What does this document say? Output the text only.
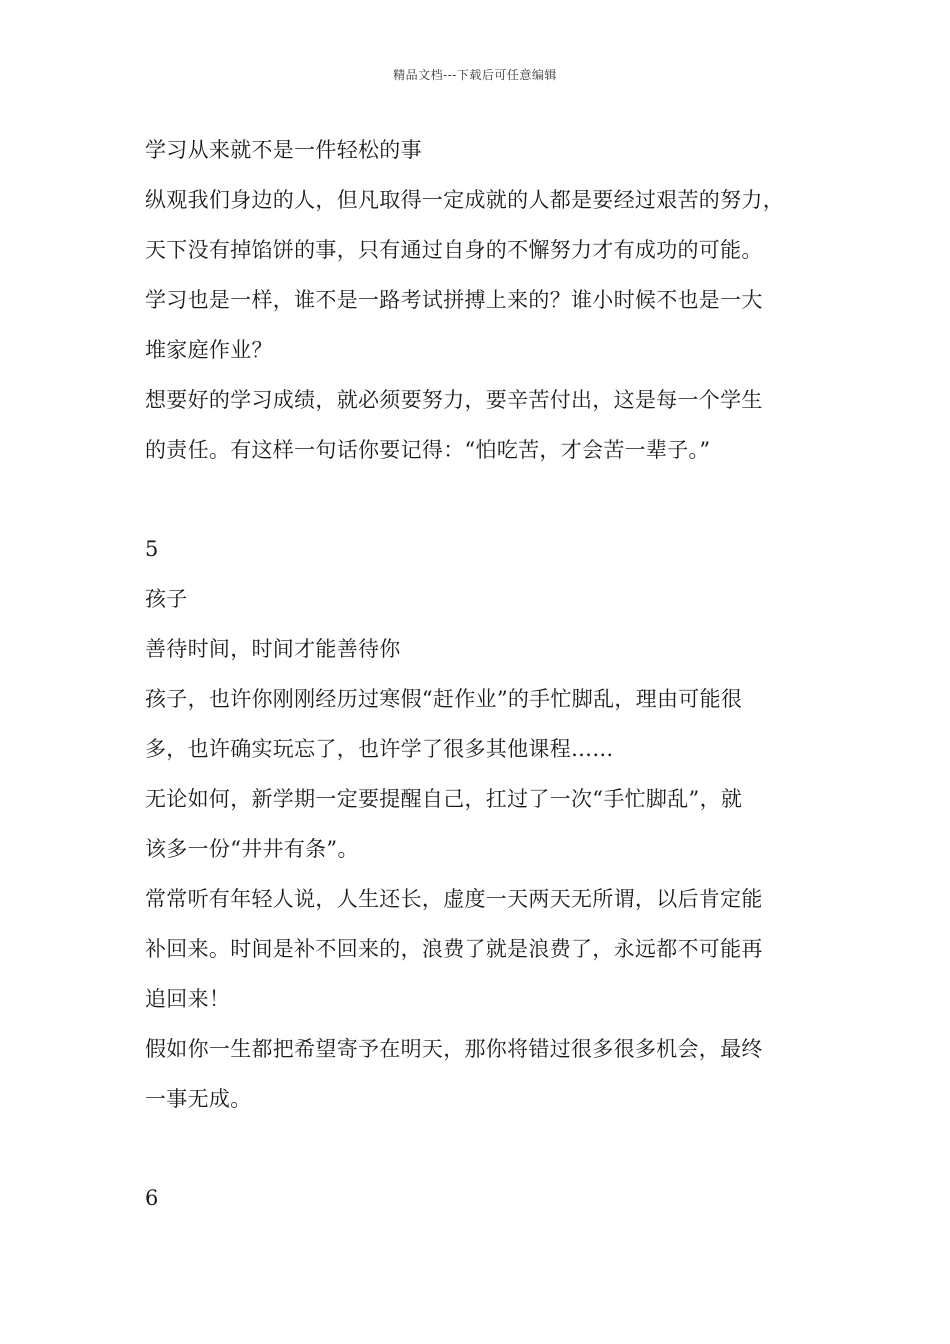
精品文档---下载后可任意编辑
学习从来就不是一件轻松的事
纵观我们身边的人，但凡取得一定成就的人都是要经过艰苦的努力，
天下没有掉馅饼的事，只有通过自身的不懈努力才有成功的可能。
学习也是一样，谁不是一路考试拼搏上来的？谁小时候不也是一大
堆家庭作业？
想要好的学习成绩，就必须要努力，要辛苦付出，这是每一个学生
的责任。有这样一句话你要记得：“怕吃苦，才会苦一辈子。”
5
孩子
善待时间，时间才能善待你
孩子，也许你刚刚经历过寒假“赶作业”的手忙脚乱，理由可能很
多，也许确实玩忘了，也许学了很多其他课程……
无论如何，新学期一定要提醒自己，扛过了一次“手忙脚乱”，就
该多一份“井井有条”。
常常听有年轻人说，人生还长，虚度一天两天无所谓，以后肯定能
补回来。时间是补不回来的，浪费了就是浪费了，永远都不可能再
追回来！
假如你一生都把希望寄予在明天，那你将错过很多很多机会，最终
一事无成。
6
